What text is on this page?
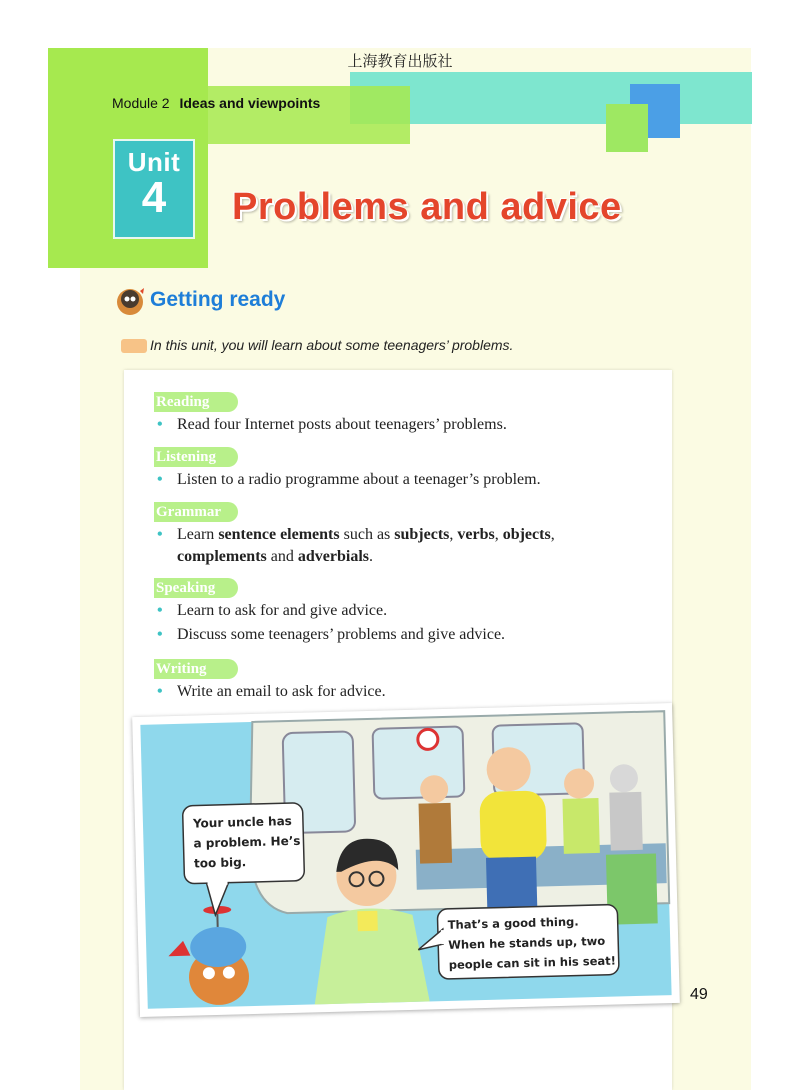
上海教育出版社
Module 2 Ideas and viewpoints
Unit
4	Problems and advice
Getting ready
In this unit, you will learn about some teenagers’ problems.
Reading
• Read four Internet posts about teenagers’ problems.
Listening
• Listen to a radio programme about a teenager’s problem.
Grammar
• Learn sentence elements such as subjects, verbs, objects,
complements and adverbials.
Speaking
• Learn to ask for and give advice.
• Discuss some teenagers’ problems and give advice.
Writing
• Write an email to ask for advice.
Your uncle has
a problem. He’s
too big.
That’s a good thing.
When he stands up, two
people can sit in his seat!
49
